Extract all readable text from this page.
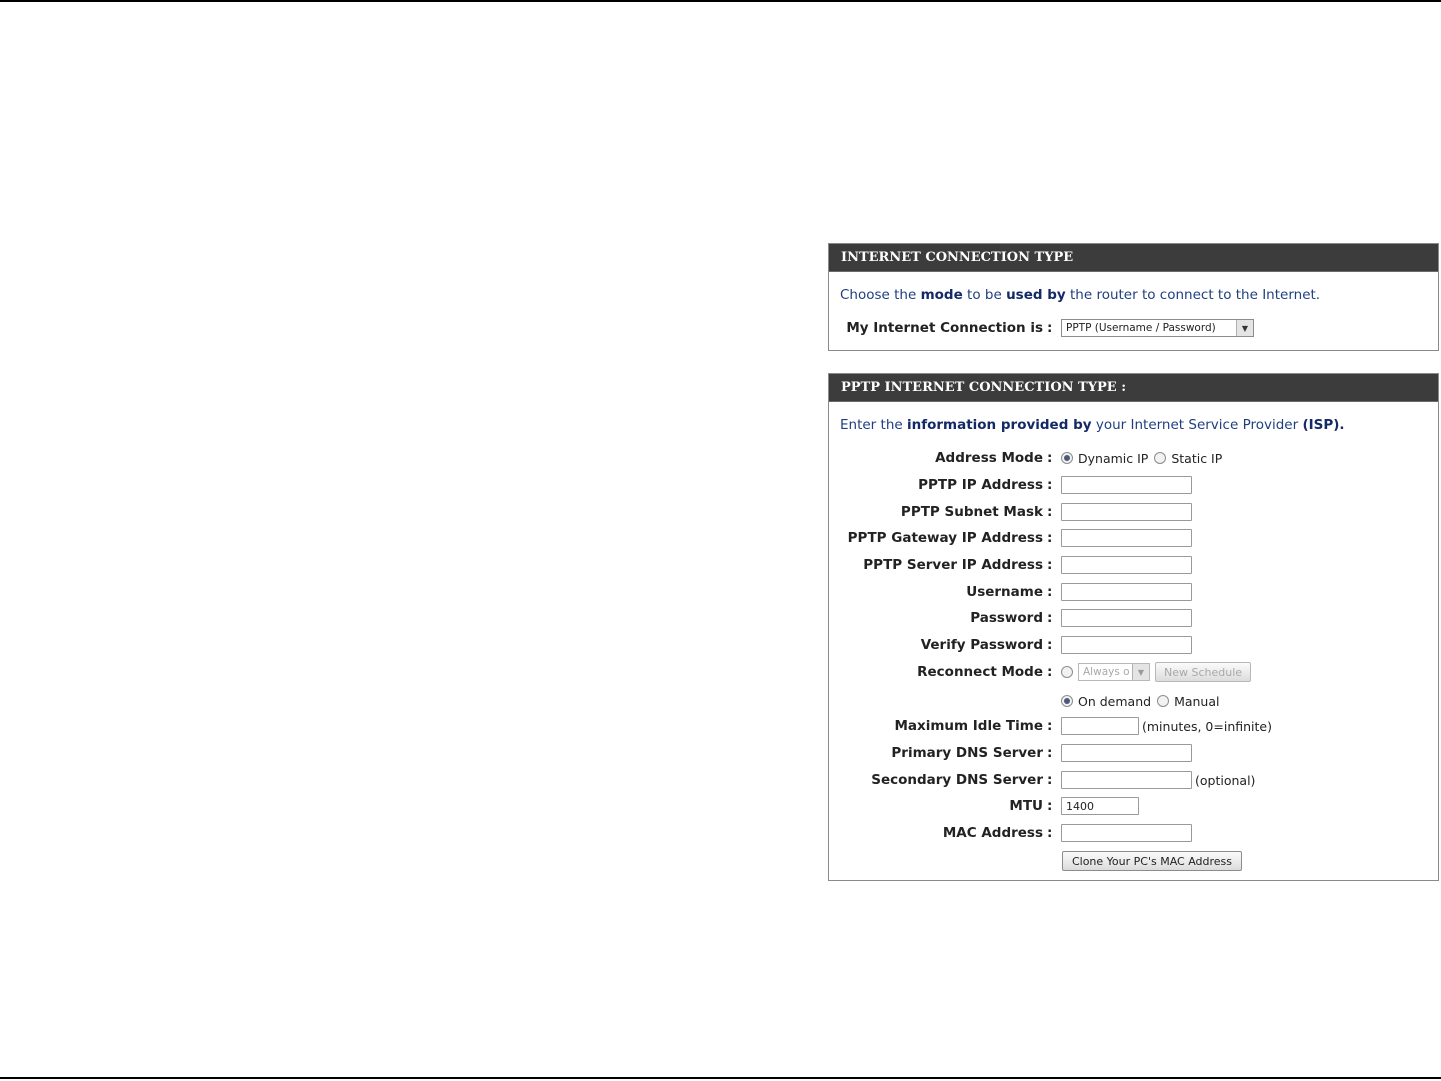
INTERNET CONNECTION TYPE
Choose the mode to be used by the router to connect to the Internet.
My Internet Connection is :	PPTP (Username / Password)	▼
PPTP INTERNET CONNECTION TYPE :
Enter the information provided by your Internet Service Provider (ISP).
Address Mode : Dynamic IP Static IP
PPTP IP Address :
PPTP Subnet Mask :
PPTP Gateway IP Address :
PPTP Server IP Address :
Username :
Password :
Verify Password :
Reconnect Mode :	Always o	▼	New Schedule
On demand Manual
Maximum Idle Time :	(minutes, 0=infinite)
Primary DNS Server :
Secondary DNS Server :	(optional)
MTU :	1400
MAC Address :
Clone Your PC's MAC Address
